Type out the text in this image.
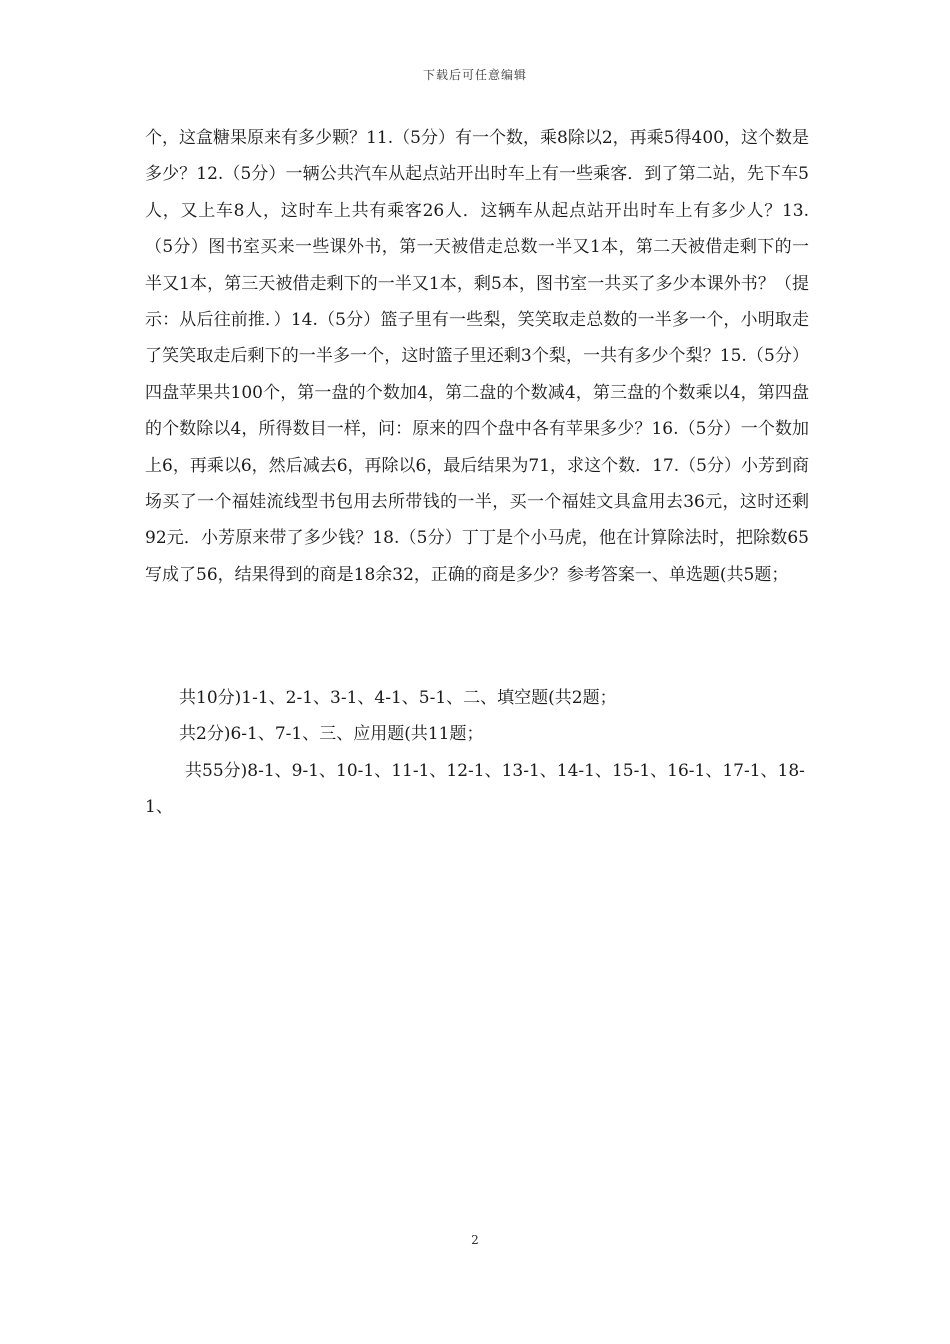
下载后可任意编辑

个，这盒糖果原来有多少颗？11.（5分）有一个数，乘8除以2，再乘5得400，这个数是多少？12.（5分）一辆公共汽车从起点站开出时车上有一些乘客．到了第二站，先下车5人，又上车8人，这时车上共有乘客26人．这辆车从起点站开出时车上有多少人？13.（5分）图书室买来一些课外书，第一天被借走总数一半又1本，第二天被借走剩下的一半又1本，第三天被借走剩下的一半又1本，剩5本，图书室一共买了多少本课外书？（提示：从后往前推．）14.（5分）篮子里有一些梨，笑笑取走总数的一半多一个，小明取走了笑笑取走后剩下的一半多一个，这时篮子里还剩3个梨，一共有多少个梨？15.（5分）四盘苹果共100个，第一盘的个数加4，第二盘的个数减4，第三盘的个数乘以4，第四盘的个数除以4，所得数目一样，问：原来的四个盘中各有苹果多少？16.（5分）一个数加上6，再乘以6，然后减去6，再除以6，最后结果为71，求这个数．17.（5分）小芳到商场买了一个福娃流线型书包用去所带钱的一半，买一个福娃文具盒用去36元，这时还剩92元．小芳原来带了多少钱？18.（5分）丁丁是个小马虎，他在计算除法时，把除数65写成了56，结果得到的商是18余32，正确的商是多少？参考答案一、单选题(共5题；

共10分)1-1、2-1、3-1、4-1、5-1、二、填空题(共2题；

共2分)6-1、7-1、三、应用题(共11题；

共55分)8-1、9-1、10-1、11-1、12-1、13-1、14-1、15-1、16-1、17-1、18-1、

2
